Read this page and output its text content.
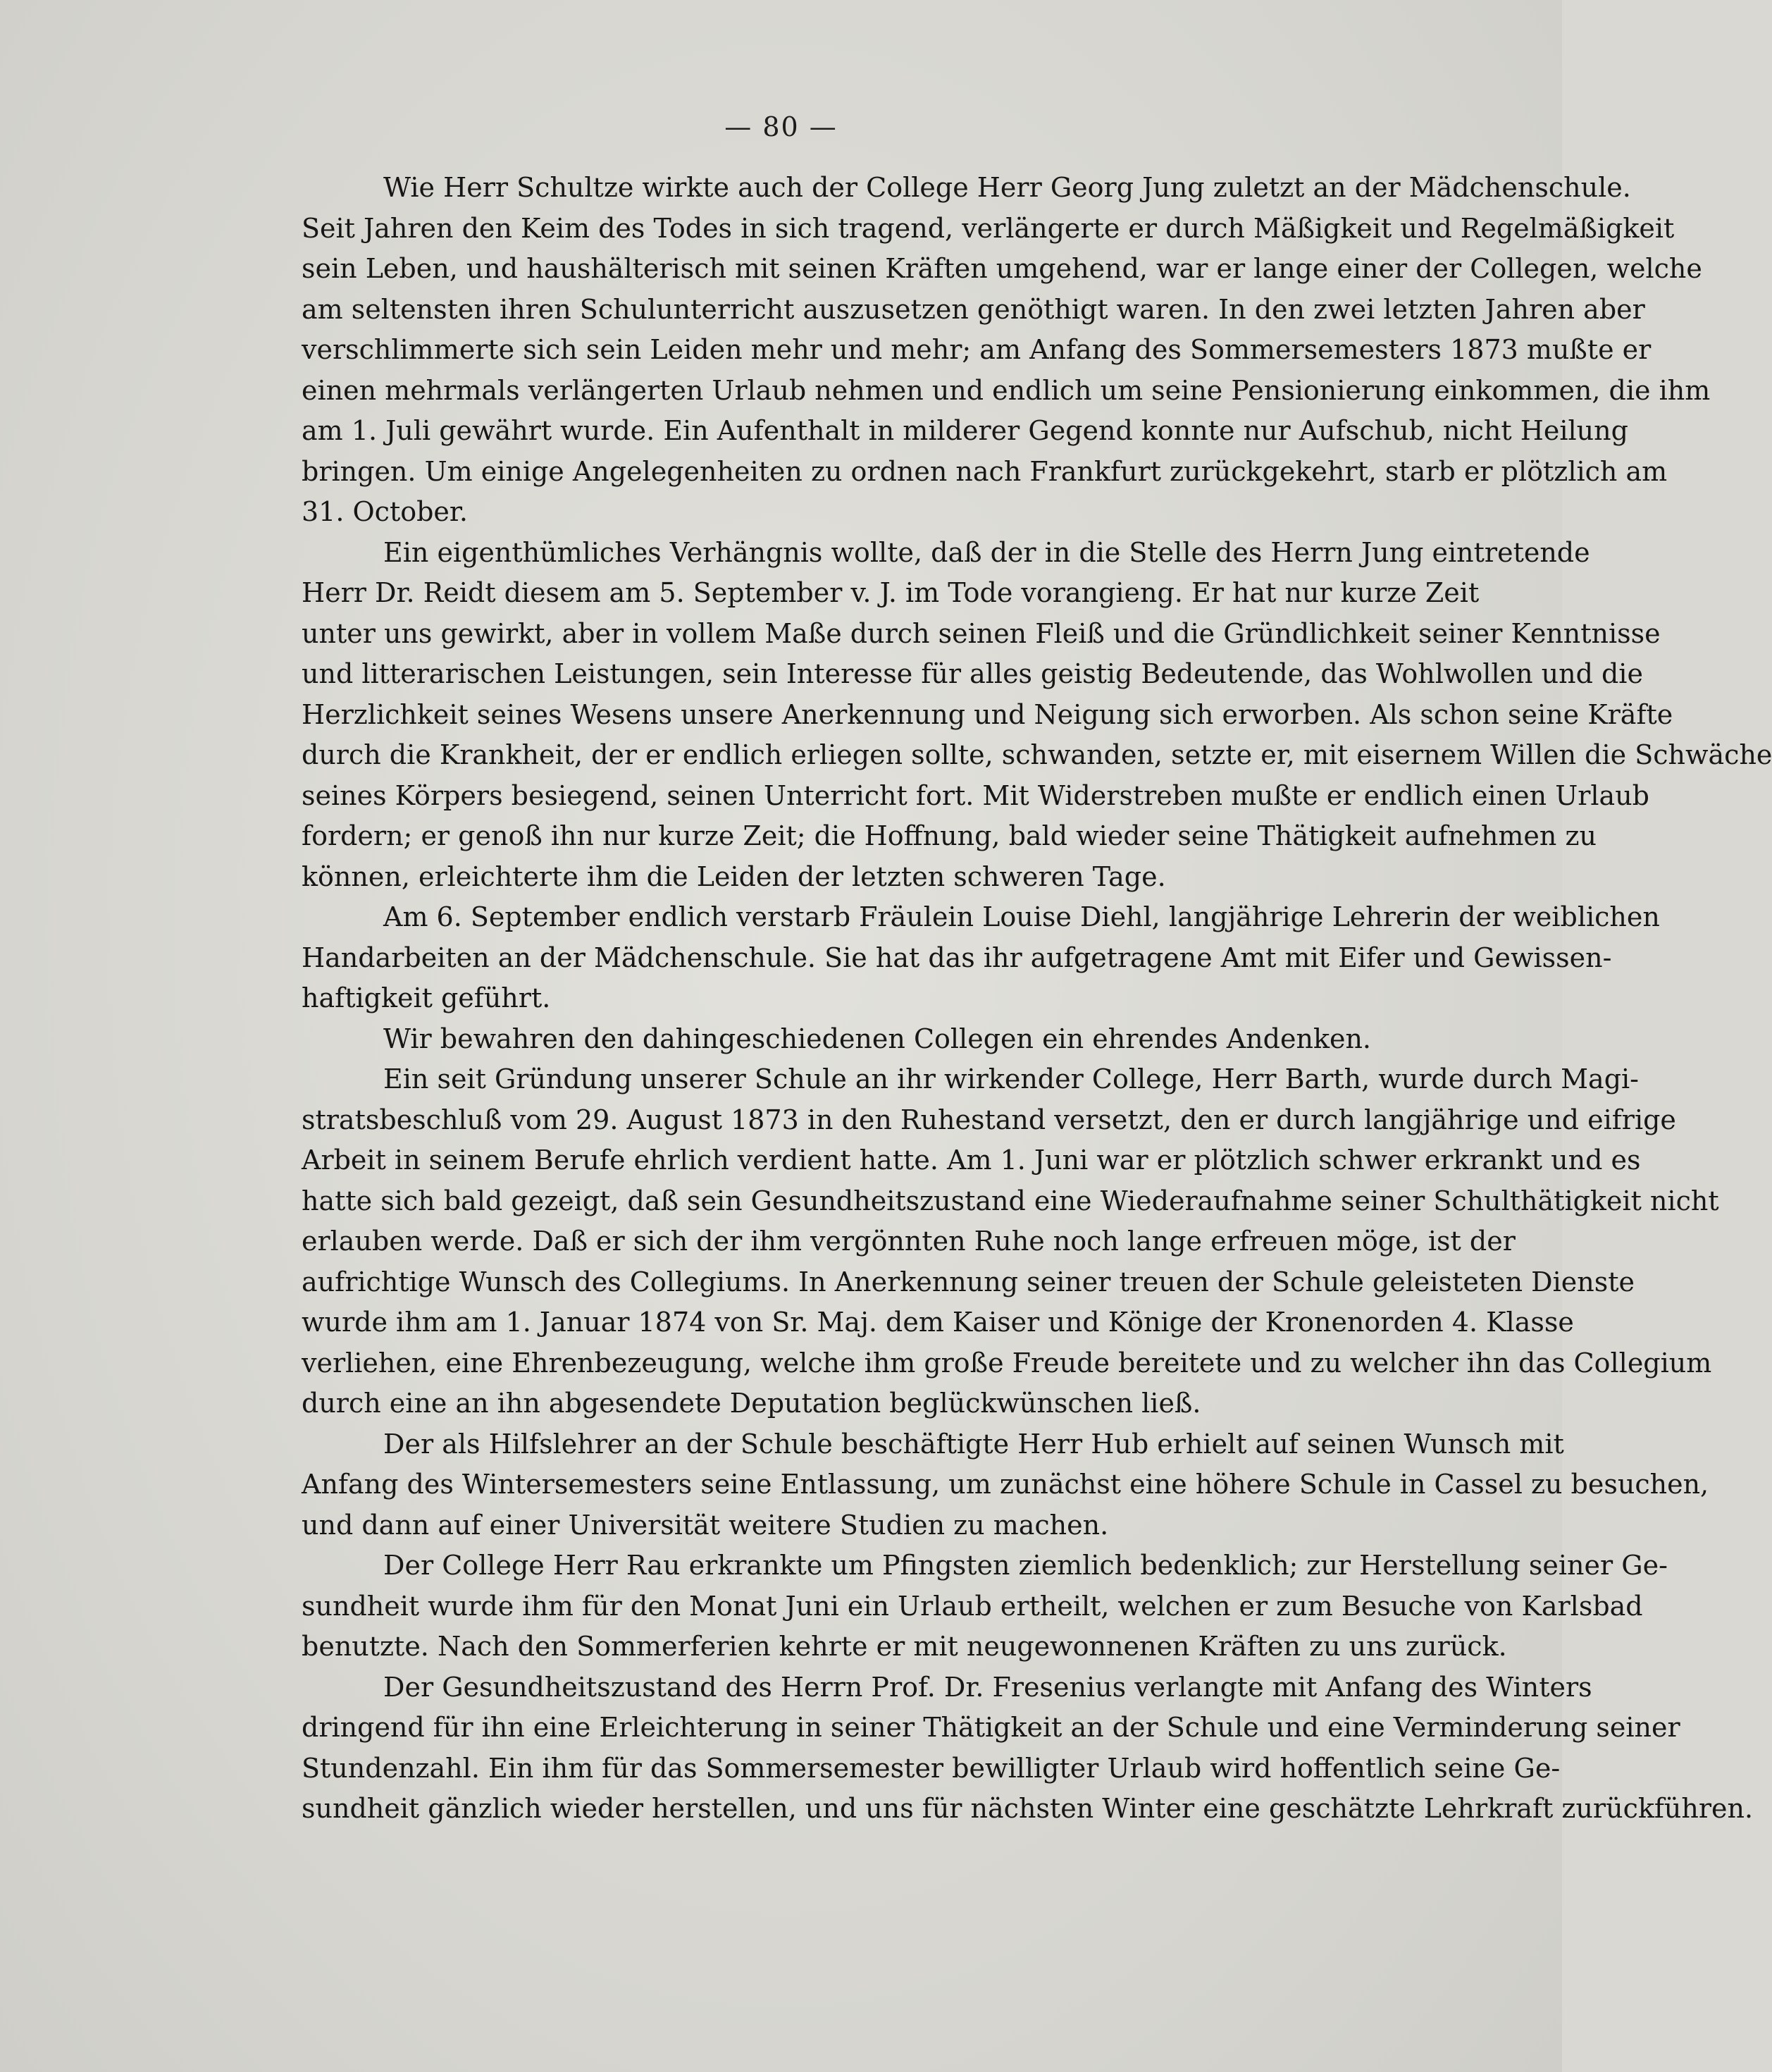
— 80 —
Wie Herr Schultze wirkte auch der College Herr Georg Jung zuletzt an der Mädchenschule.
Seit Jahren den Keim des Todes in sich tragend, verlängerte er durch Mäßigkeit und Regelmäßigkeit
sein Leben, und haushälterisch mit seinen Kräften umgehend, war er lange einer der Collegen, welche
am seltensten ihren Schulunterricht auszusetzen genöthigt waren. In den zwei letzten Jahren aber
verschlimmerte sich sein Leiden mehr und mehr; am Anfang des Sommersemesters 1873 mußte er
einen mehrmals verlängerten Urlaub nehmen und endlich um seine Pensionierung einkommen, die ihm
am 1. Juli gewährt wurde. Ein Aufenthalt in milderer Gegend konnte nur Aufschub, nicht Heilung
bringen. Um einige Angelegenheiten zu ordnen nach Frankfurt zurückgekehrt, starb er plötzlich am
31. October.
Ein eigenthümliches Verhängnis wollte, daß der in die Stelle des Herrn Jung eintretende
Herr Dr. Reidt diesem am 5. September v. J. im Tode vorangieng. Er hat nur kurze Zeit
unter uns gewirkt, aber in vollem Maße durch seinen Fleiß und die Gründlichkeit seiner Kenntnisse
und litterarischen Leistungen, sein Interesse für alles geistig Bedeutende, das Wohlwollen und die
Herzlichkeit seines Wesens unsere Anerkennung und Neigung sich erworben. Als schon seine Kräfte
durch die Krankheit, der er endlich erliegen sollte, schwanden, setzte er, mit eisernem Willen die Schwäche
seines Körpers besiegend, seinen Unterricht fort. Mit Widerstreben mußte er endlich einen Urlaub
fordern; er genoß ihn nur kurze Zeit; die Hoffnung, bald wieder seine Thätigkeit aufnehmen zu
können, erleichterte ihm die Leiden der letzten schweren Tage.
Am 6. September endlich verstarb Fräulein Louise Diehl, langjährige Lehrerin der weiblichen
Handarbeiten an der Mädchenschule. Sie hat das ihr aufgetragene Amt mit Eifer und Gewissen-
haftigkeit geführt.
Wir bewahren den dahingeschiedenen Collegen ein ehrendes Andenken.
Ein seit Gründung unserer Schule an ihr wirkender College, Herr Barth, wurde durch Magi-
stratsbeschluß vom 29. August 1873 in den Ruhestand versetzt, den er durch langjährige und eifrige
Arbeit in seinem Berufe ehrlich verdient hatte. Am 1. Juni war er plötzlich schwer erkrankt und es
hatte sich bald gezeigt, daß sein Gesundheitszustand eine Wiederaufnahme seiner Schulthätigkeit nicht
erlauben werde. Daß er sich der ihm vergönnten Ruhe noch lange erfreuen möge, ist der
aufrichtige Wunsch des Collegiums. In Anerkennung seiner treuen der Schule geleisteten Dienste
wurde ihm am 1. Januar 1874 von Sr. Maj. dem Kaiser und Könige der Kronenorden 4. Klasse
verliehen, eine Ehrenbezeugung, welche ihm große Freude bereitete und zu welcher ihn das Collegium
durch eine an ihn abgesendete Deputation beglückwünschen ließ.
Der als Hilfslehrer an der Schule beschäftigte Herr Hub erhielt auf seinen Wunsch mit
Anfang des Wintersemesters seine Entlassung, um zunächst eine höhere Schule in Cassel zu besuchen,
und dann auf einer Universität weitere Studien zu machen.
Der College Herr Rau erkrankte um Pfingsten ziemlich bedenklich; zur Herstellung seiner Ge-
sundheit wurde ihm für den Monat Juni ein Urlaub ertheilt, welchen er zum Besuche von Karlsbad
benutzte. Nach den Sommerferien kehrte er mit neugewonnenen Kräften zu uns zurück.
Der Gesundheitszustand des Herrn Prof. Dr. Fresenius verlangte mit Anfang des Winters
dringend für ihn eine Erleichterung in seiner Thätigkeit an der Schule und eine Verminderung seiner
Stundenzahl. Ein ihm für das Sommersemester bewilligter Urlaub wird hoffentlich seine Ge-
sundheit gänzlich wieder herstellen, und uns für nächsten Winter eine geschätzte Lehrkraft zurückführen.
